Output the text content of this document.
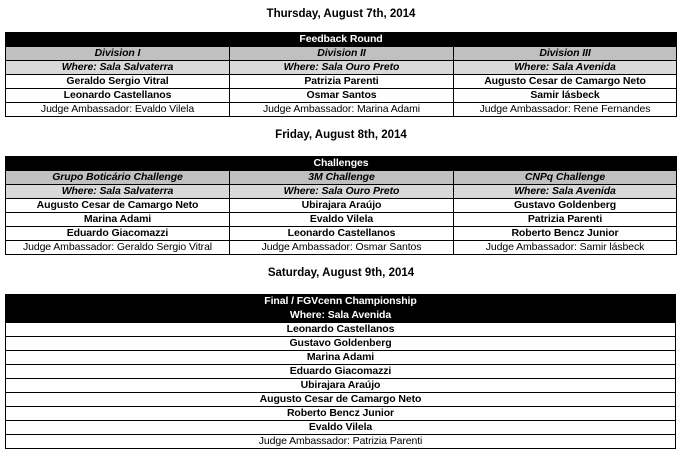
Thursday, August 7th, 2014
Feedback Round		
Division I	Division II	Division III
Where: Sala Salvaterra	Where: Sala Ouro Preto	Where: Sala Avenida
Geraldo Sergio Vitral	Patrizia Parenti	Augusto Cesar de Camargo Neto
Leonardo Castellanos	Osmar Santos	Samir lásbeck
Judge Ambassador: Evaldo Vilela	Judge Ambassador: Marina Adami	Judge Ambassador: Rene Fernandes
Friday, August 8th, 2014
Challenges		
Grupo Boticário Challenge	3M Challenge	CNPq Challenge
Where: Sala Salvaterra	Where: Sala Ouro Preto	Where: Sala Avenida
Augusto Cesar de Camargo Neto	Ubirajara Araújo	Gustavo Goldenberg
Marina Adami	Evaldo Vilela	Patrizia Parenti
Eduardo Giacomazzi	Leonardo Castellanos	Roberto Bencz Junior
Judge Ambassador: Geraldo Sergio Vitral	Judge Ambassador: Osmar Santos	Judge Ambassador: Samir lásbeck
Saturday, August 9th, 2014
Final / FGVcenn Championship
Where: Sala Avenida
Leonardo Castellanos
Gustavo Goldenberg
Marina Adami
Eduardo Giacomazzi
Ubirajara Araújo
Augusto Cesar de Camargo Neto
Roberto Bencz Junior
Evaldo Vilela
Judge Ambassador: Patrizia Parenti
